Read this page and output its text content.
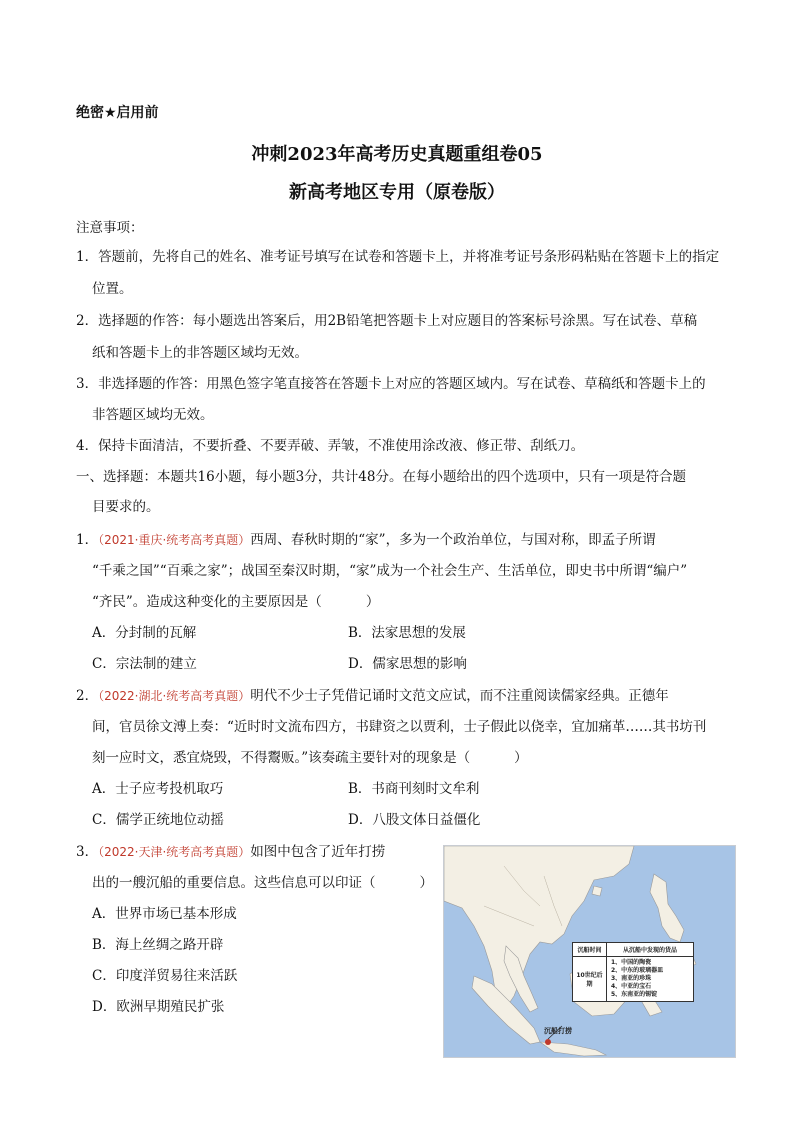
绝密★启用前
冲刺2023年高考历史真题重组卷05
新高考地区专用（原卷版）
注意事项：
1．答题前，先将自己的姓名、准考证号填写在试卷和答题卡上，并将准考证号条形码粘贴在答题卡上的指定
位置。
2．选择题的作答：每小题选出答案后，用2B铅笔把答题卡上对应题目的答案标号涂黑。写在试卷、草稿
纸和答题卡上的非答题区域均无效。
3．非选择题的作答：用黑色签字笔直接答在答题卡上对应的答题区域内。写在试卷、草稿纸和答题卡上的
非答题区域均无效。
4．保持卡面清洁，不要折叠、不要弄破、弄皱，不准使用涂改液、修正带、刮纸刀。
一、选择题：本题共16小题，每小题3分，共计48分。在每小题给出的四个选项中，只有一项是符合题
目要求的。
1．（2021·重庆·统考高考真题）西周、春秋时期的“家”，多为一个政治单位，与国对称，即孟子所谓
“千乘之国”“百乘之家”；战国至秦汉时期，“家”成为一个社会生产、生活单位，即史书中所谓“编户”
“齐民”。造成这种变化的主要原因是（	）
A．分封制的瓦解	B．法家思想的发展
C．宗法制的建立	D．儒家思想的影响
2．（2022·湖北·统考高考真题）明代不少士子凭借记诵时文范文应试，而不注重阅读儒家经典。正德年
间，官员徐文溥上奏：“近时时文流布四方，书肆资之以贾利，士子假此以侥幸，宜加痛革……其书坊刊
刻一应时文，悉宜烧毁，不得鬻贩。”该奏疏主要针对的现象是（	）
A．士子应考投机取巧	B．书商刊刻时文牟利
C．儒学正统地位动摇	D．八股文体日益僵化
3．（2022·天津·统考高考真题）如图中包含了近年打捞
出的一艘沉船的重要信息。这些信息可以印证（	）
A．世界市场已基本形成
B．海上丝绸之路开辟
C．印度洋贸易往来活跃
D．欧洲早期殖民扩张
沉船时间	从沉船中发现的货品
10世纪后期
1、中国的陶瓷
2、中东的玻璃器皿
3、南亚的珍珠
4、中亚的宝石
5、东南亚的锡锭
沉船打捞
